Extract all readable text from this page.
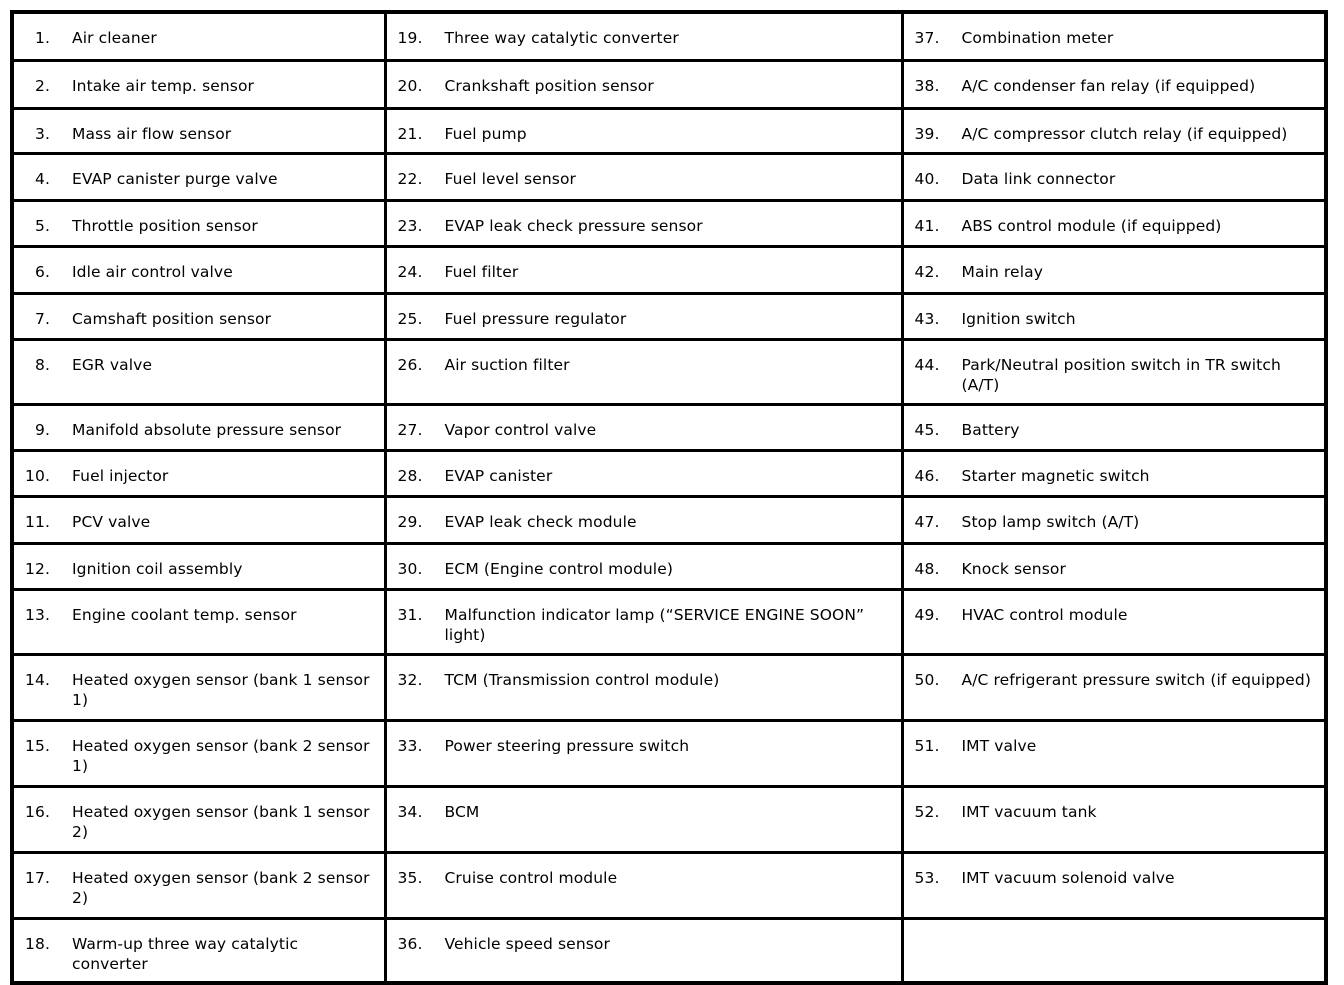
1. Air cleaner	19. Three way catalytic converter	37. Combination meter

2. Intake air temp. sensor	20. Crankshaft position sensor	38. A/C condenser fan relay (if equipped)

3. Mass air flow sensor	21. Fuel pump	39. A/C compressor clutch relay (if equipped)

4. EVAP canister purge valve	22. Fuel level sensor	40. Data link connector

5. Throttle position sensor	23. EVAP leak check pressure sensor	41. ABS control module (if equipped)

6. Idle air control valve	24. Fuel filter	42. Main relay

7. Camshaft position sensor	25. Fuel pressure regulator	43. Ignition switch

8. EGR valve	26. Air suction filter	44. Park/Neutral position switch in TR switch (A/T)

9. Manifold absolute pressure sensor	27. Vapor control valve	45. Battery

10. Fuel injector	28. EVAP canister	46. Starter magnetic switch

11. PCV valve	29. EVAP leak check module	47. Stop lamp switch (A/T)

12. Ignition coil assembly	30. ECM (Engine control module)	48. Knock sensor

13. Engine coolant temp. sensor	31. Malfunction indicator lamp (“SERVICE ENGINE SOON” light)	49. HVAC control module

14. Heated oxygen sensor (bank 1 sensor 1)	32. TCM (Transmission control module)	50. A/C refrigerant pressure switch (if equipped)

15. Heated oxygen sensor (bank 2 sensor 1)	33. Power steering pressure switch	51. IMT valve

16. Heated oxygen sensor (bank 1 sensor 2)	34. BCM	52. IMT vacuum tank

17. Heated oxygen sensor (bank 2 sensor 2)	35. Cruise control module	53. IMT vacuum solenoid valve

18. Warm-up three way catalytic converter	36. Vehicle speed sensor	
